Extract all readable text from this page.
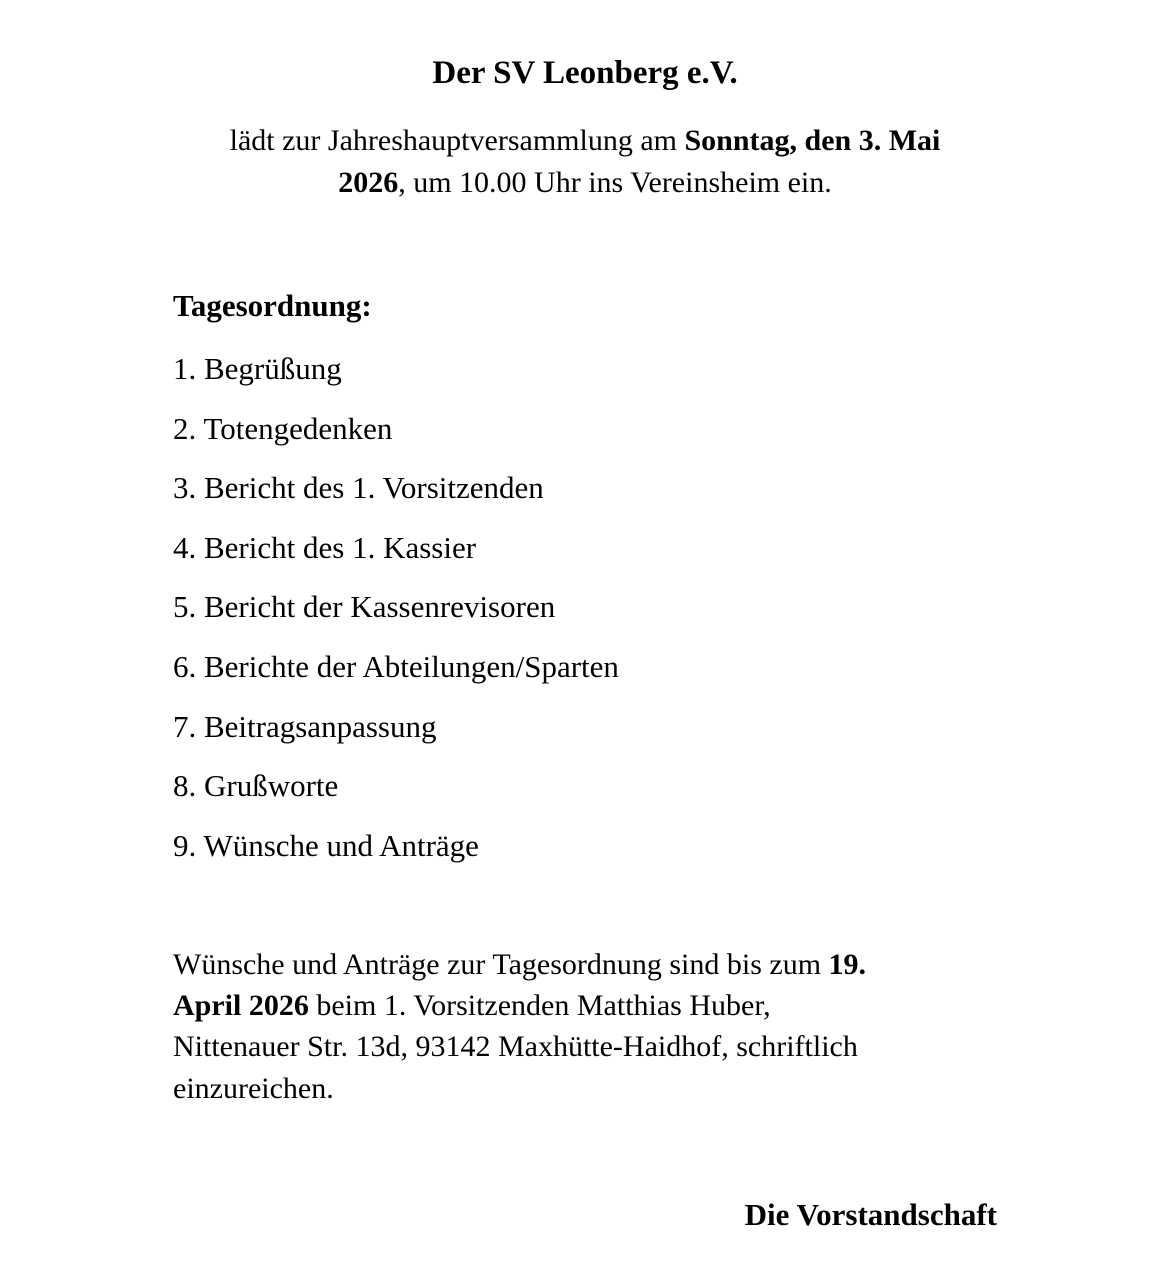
Der SV Leonberg e.V.
lädt zur Jahreshauptversammlung am Sonntag, den 3. Mai
2026, um 10.00 Uhr ins Vereinsheim ein.
Tagesordnung:
1. Begrüßung
2. Totengedenken
3. Bericht des 1. Vorsitzenden
4. Bericht des 1. Kassier
5. Bericht der Kassenrevisoren
6. Berichte der Abteilungen/Sparten
7. Beitragsanpassung
8. Grußworte
9. Wünsche und Anträge
Wünsche und Anträge zur Tagesordnung sind bis zum 19.
April 2026 beim 1. Vorsitzenden Matthias Huber,
Nittenauer Str. 13d, 93142 Maxhütte-Haidhof, schriftlich
einzureichen.
Die Vorstandschaft
